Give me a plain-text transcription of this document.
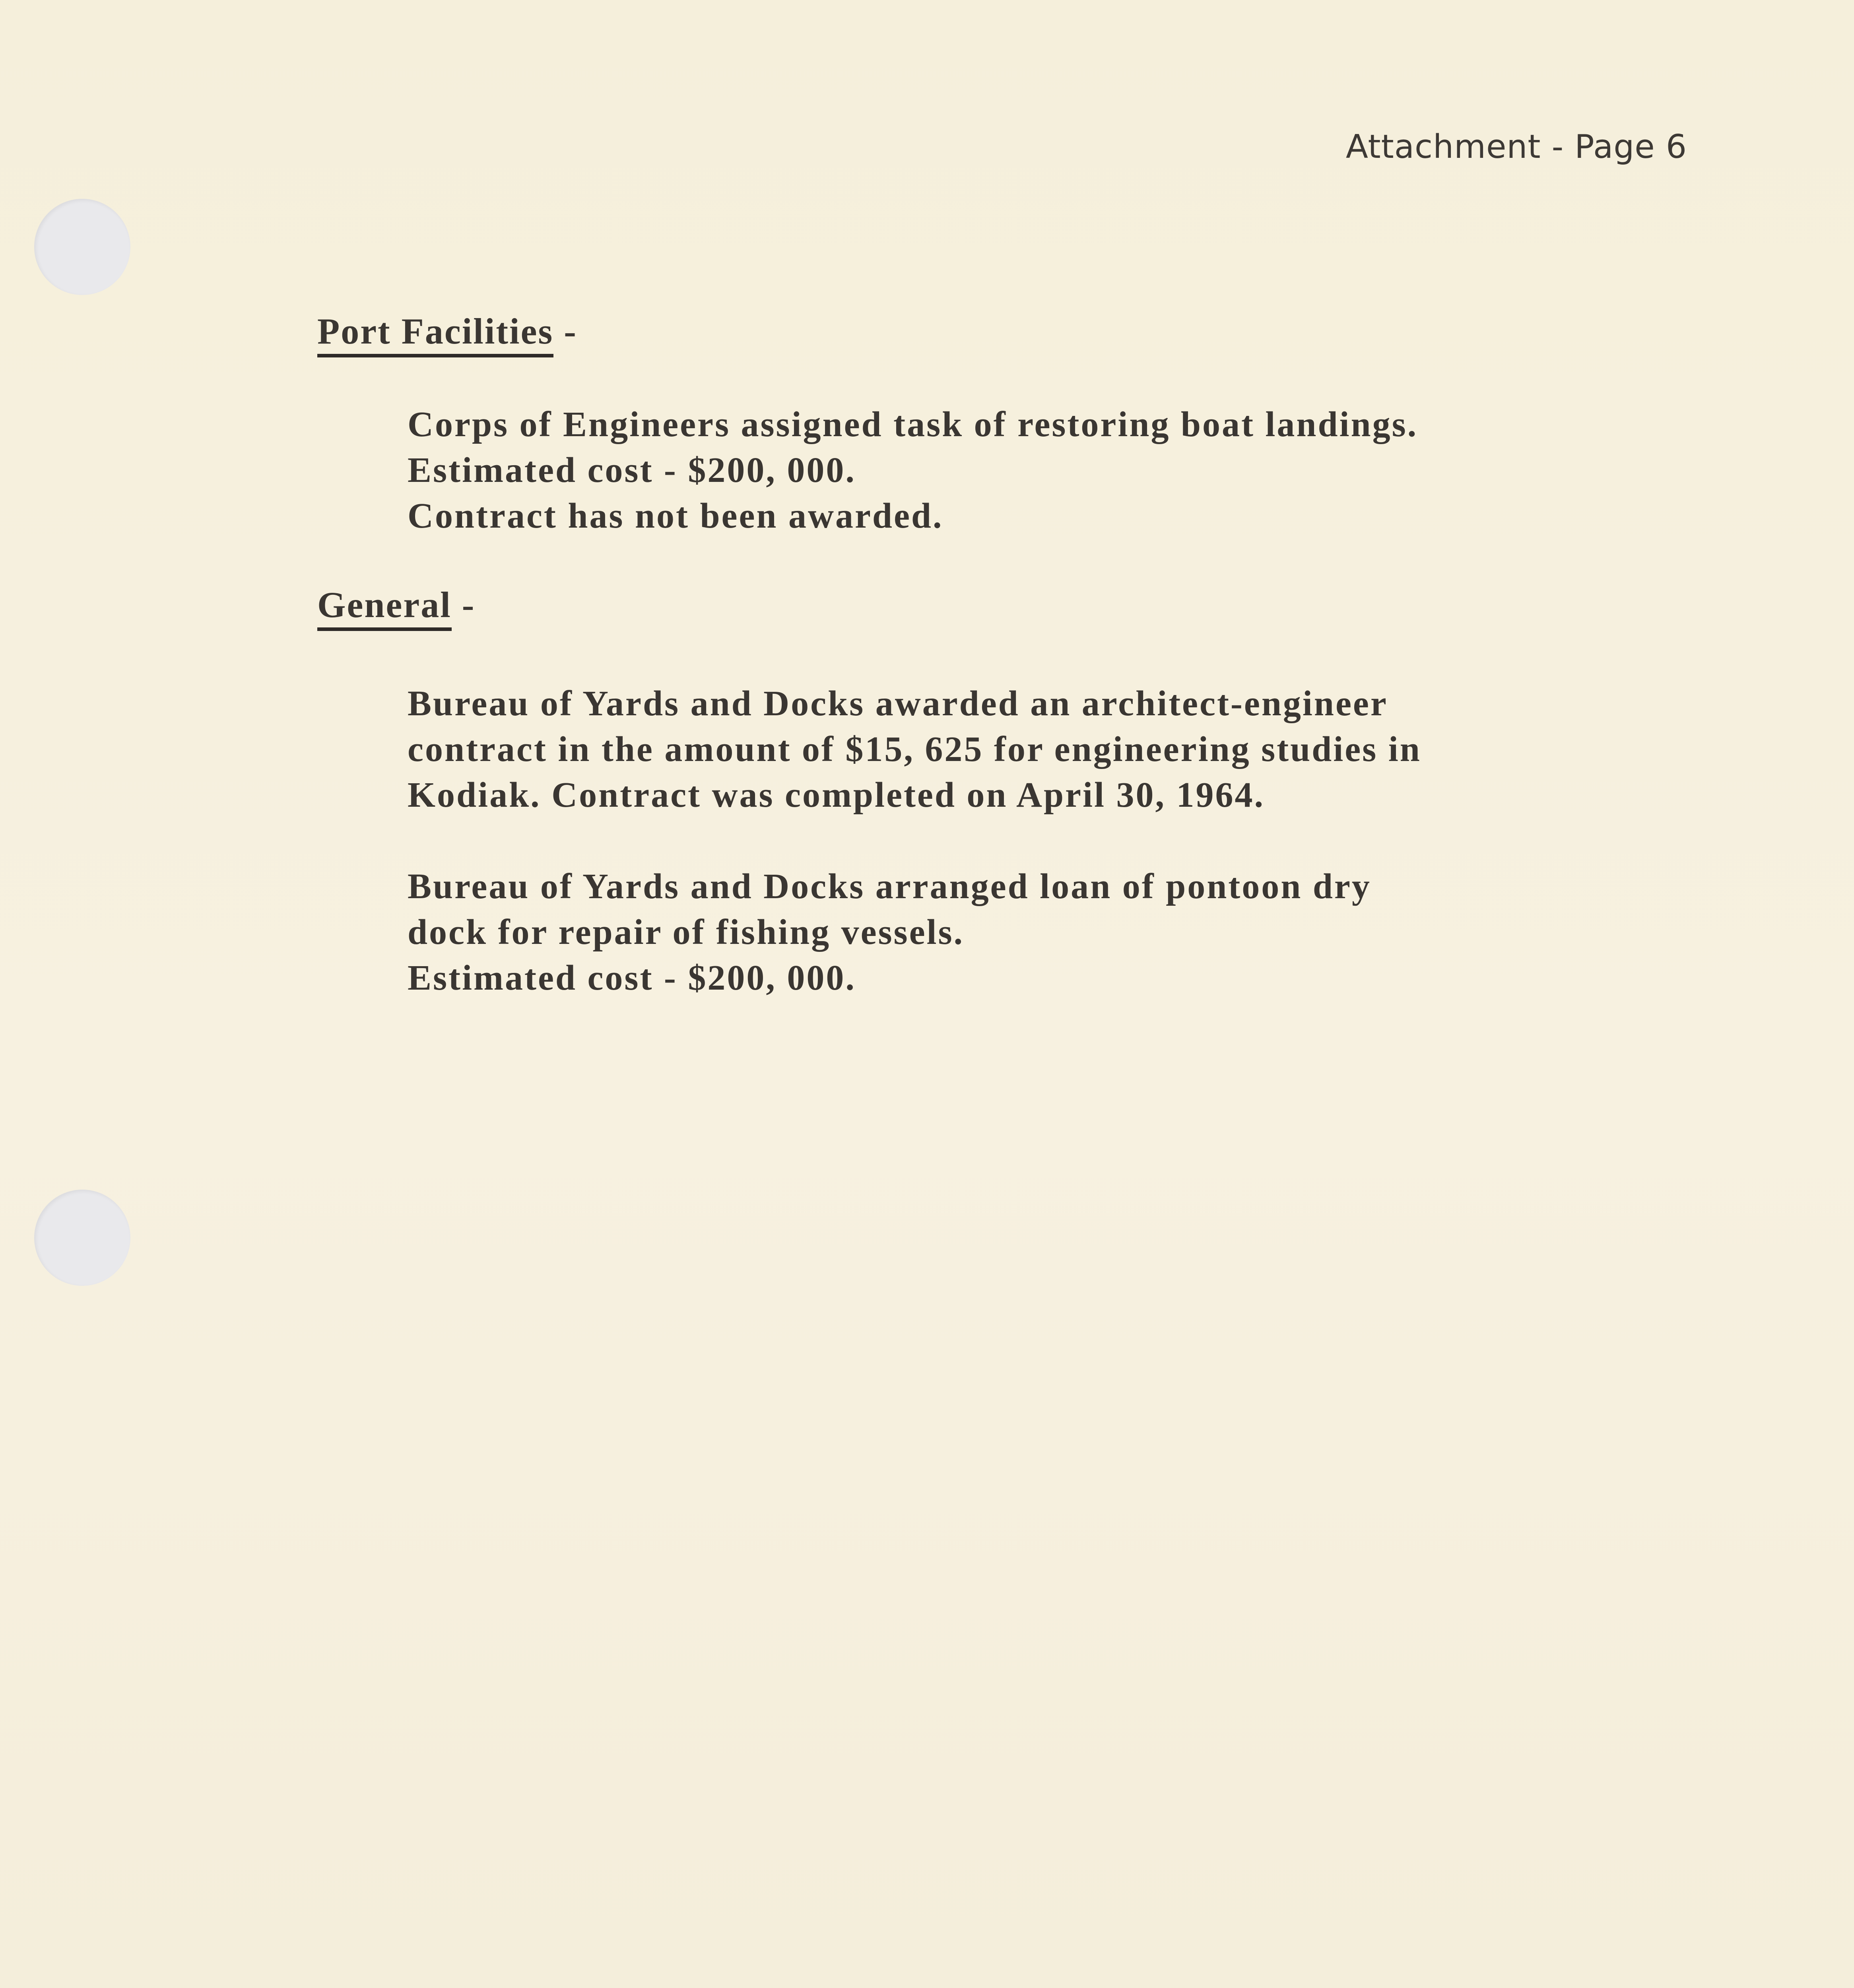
Attachment - Page 6
Port Facilities -
Corps of Engineers assigned task of restoring boat landings.
Estimated cost - $200, 000.
Contract has not been awarded.
General -
Bureau of Yards and Docks awarded an architect-engineer
contract in the amount of $15, 625 for engineering studies in
Kodiak. Contract was completed on April 30, 1964.
Bureau of Yards and Docks arranged loan of pontoon dry
dock for repair of fishing vessels.
Estimated cost - $200, 000.
